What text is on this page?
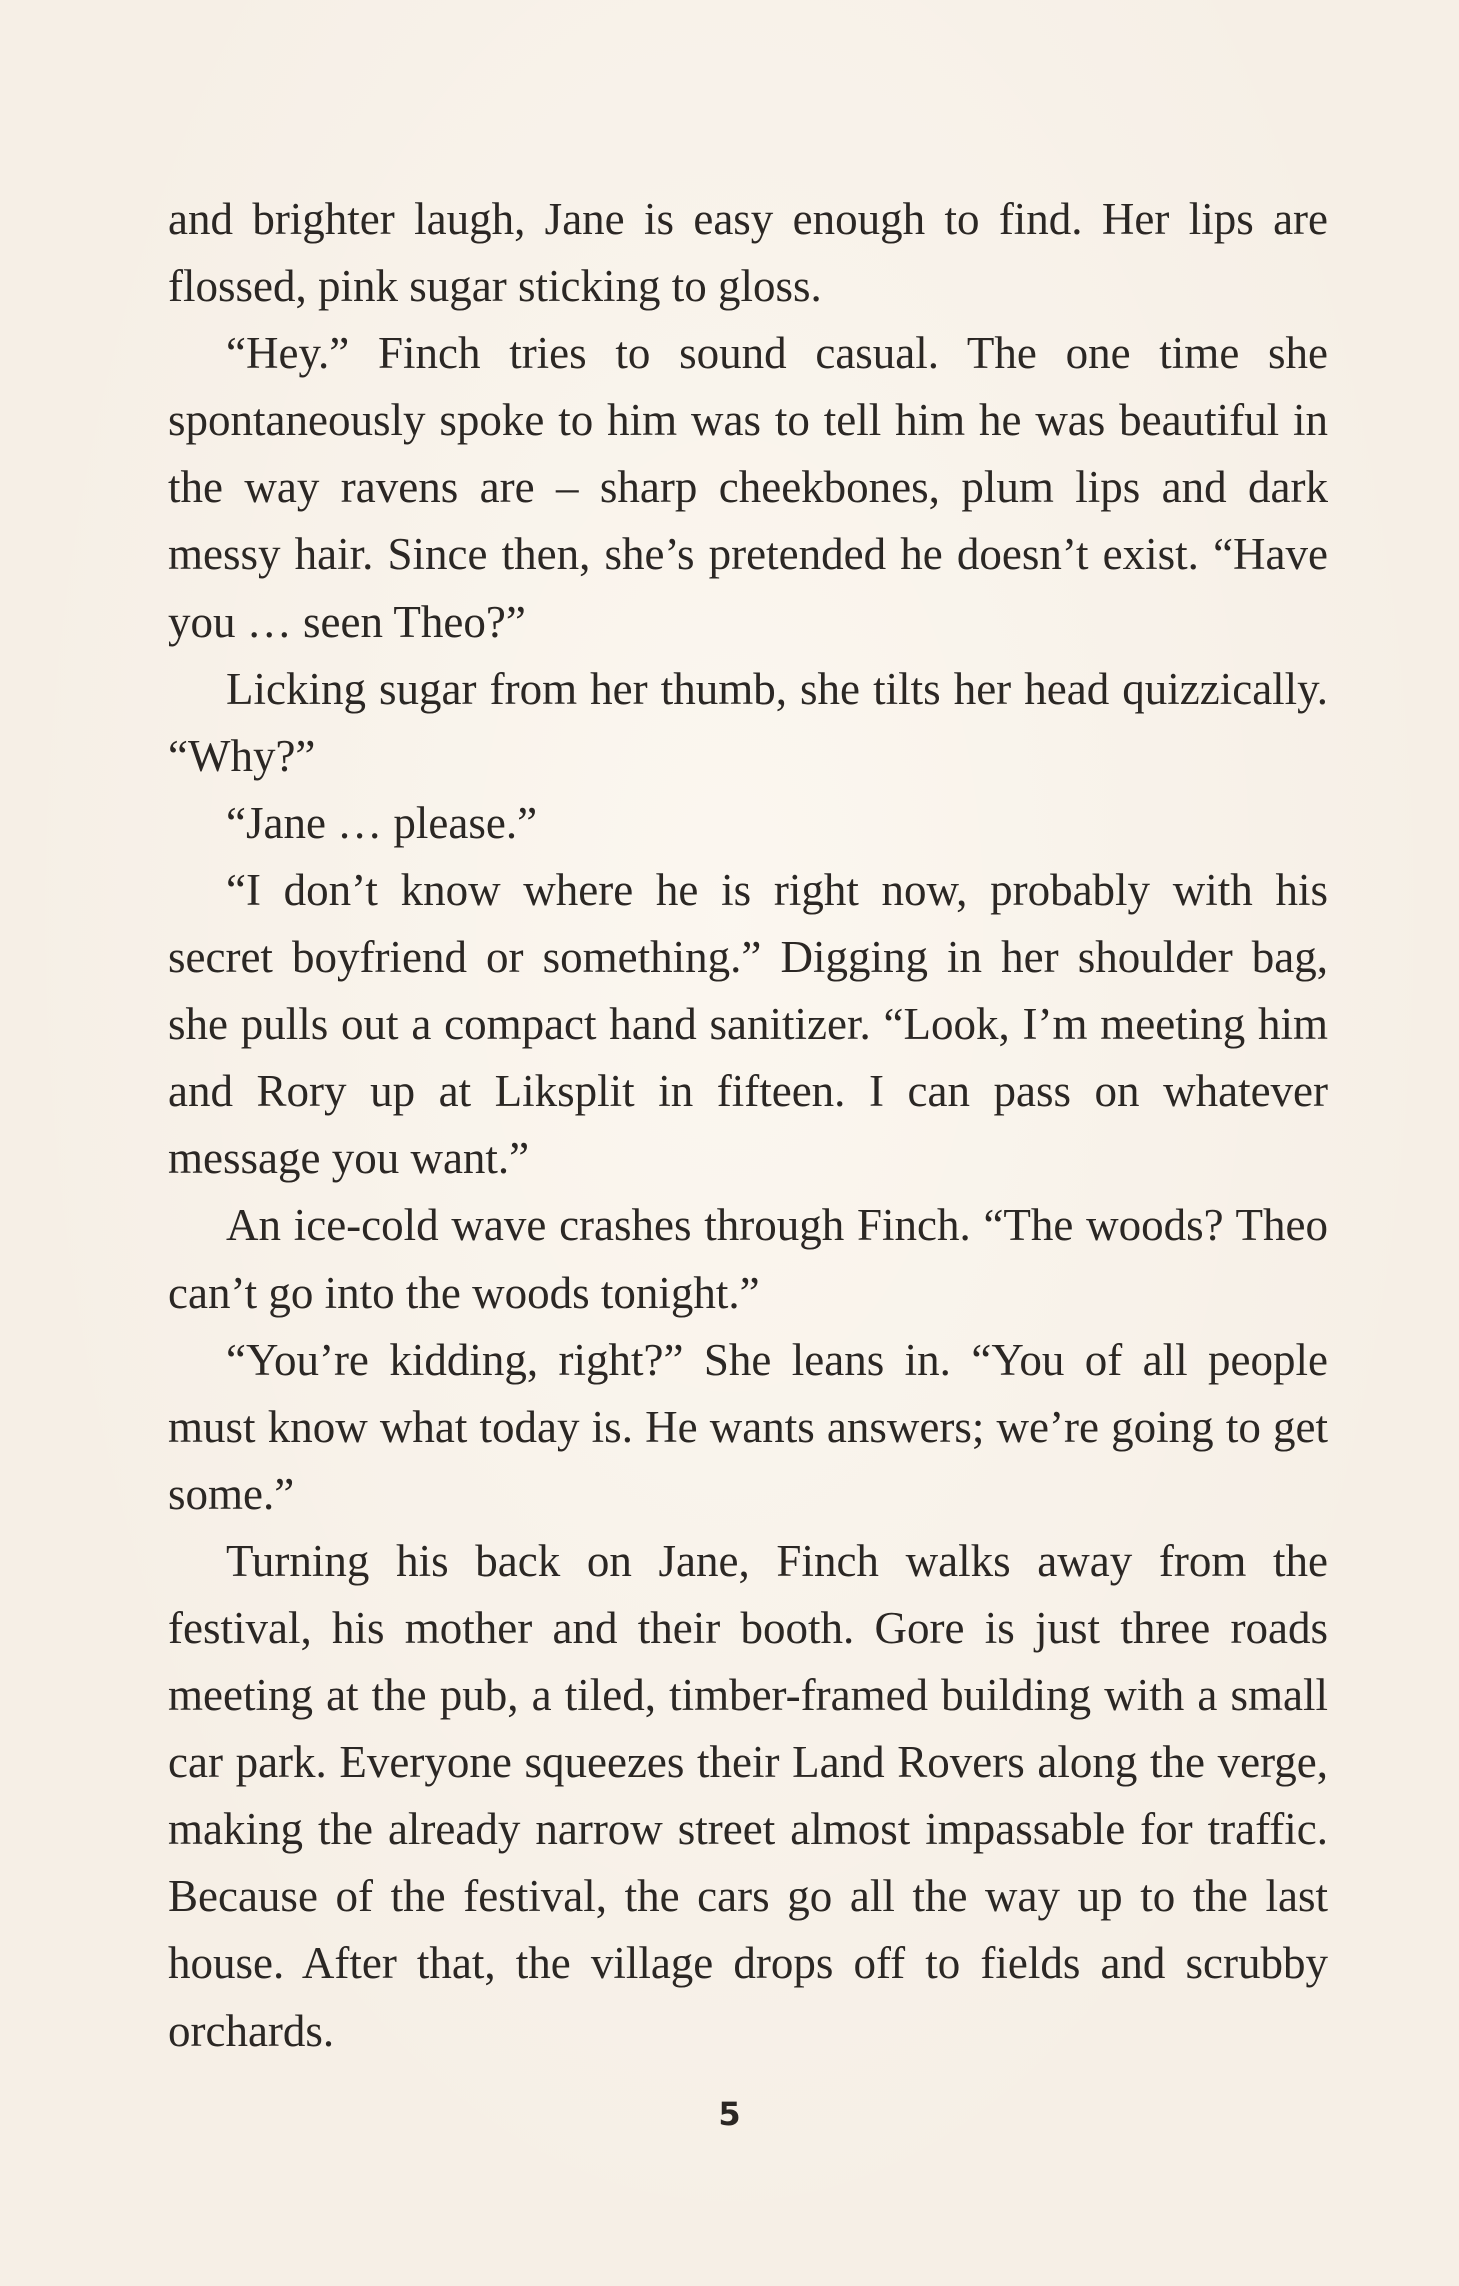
and brighter laugh, Jane is easy enough to find. Her lips are flossed, pink sugar sticking to gloss.

“Hey.” Finch tries to sound casual. The one time she spontaneously spoke to him was to tell him he was beautiful in the way ravens are – sharp cheekbones, plum lips and dark messy hair. Since then, she’s pretended he doesn’t exist. “Have you … seen Theo?”

Licking sugar from her thumb, she tilts her head quizzically. “Why?”

“Jane … please.”

“I don’t know where he is right now, probably with his secret boyfriend or something.” Digging in her shoulder bag, she pulls out a compact hand sanitizer. “Look, I’m meeting him and Rory up at Liksplit in fifteen. I can pass on whatever message you want.”

An ice-cold wave crashes through Finch. “The woods? Theo can’t go into the woods tonight.”

“You’re kidding, right?” She leans in. “You of all people must know what today is. He wants answers; we’re going to get some.”

Turning his back on Jane, Finch walks away from the festival, his mother and their booth. Gore is just three roads meeting at the pub, a tiled, timber-framed building with a small car park. Everyone squeezes their Land Rovers along the verge, making the already narrow street almost impassable for traffic. Because of the festival, the cars go all the way up to the last house. After that, the village drops off to fields and scrubby orchards.

5
